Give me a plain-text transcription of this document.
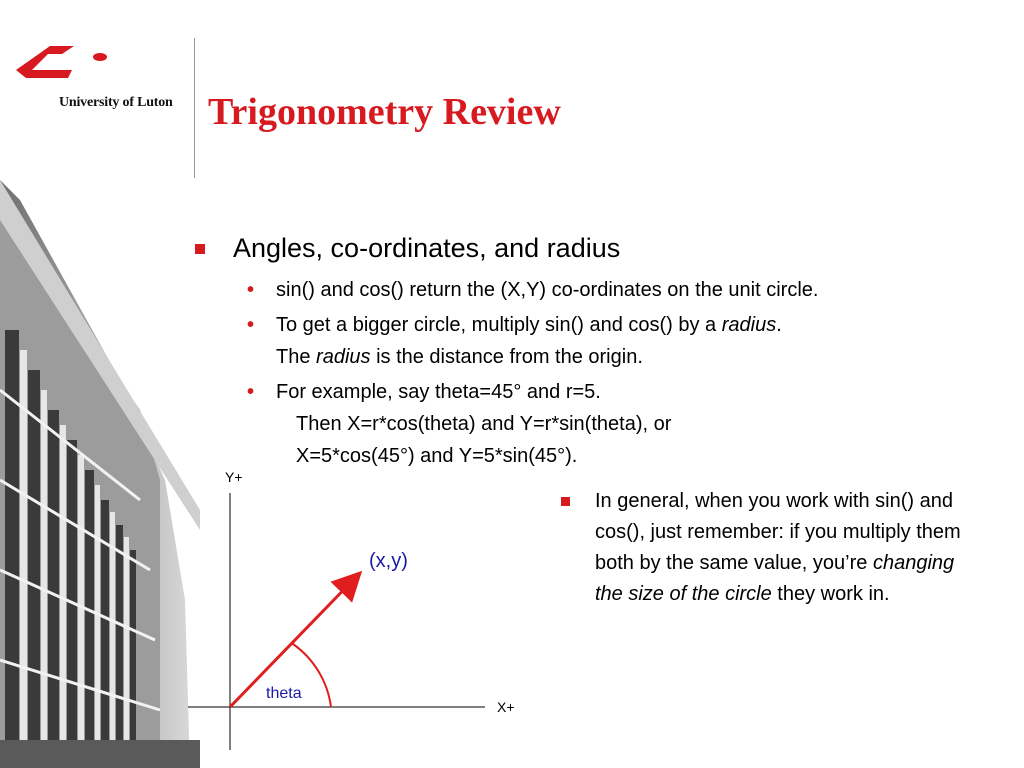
University of Luton Trigonometry Review
Angles, co-ordinates, and radius
• sin() and cos() return the (X,Y) co-ordinates on the unit circle.
• To get a bigger circle, multiply sin() and cos() by a radius.
The radius is the distance from the origin.
• For example, say theta=45° and r=5.
Then X=r*cos(theta) and Y=r*sin(theta), or
X=5*cos(45°) and Y=5*sin(45°).
In general, when you work with sin() and cos(), just remember: if you multiply them both by the same value, you’re changing the size of the circle they work in.
Y+
X+
(x,y)
theta
